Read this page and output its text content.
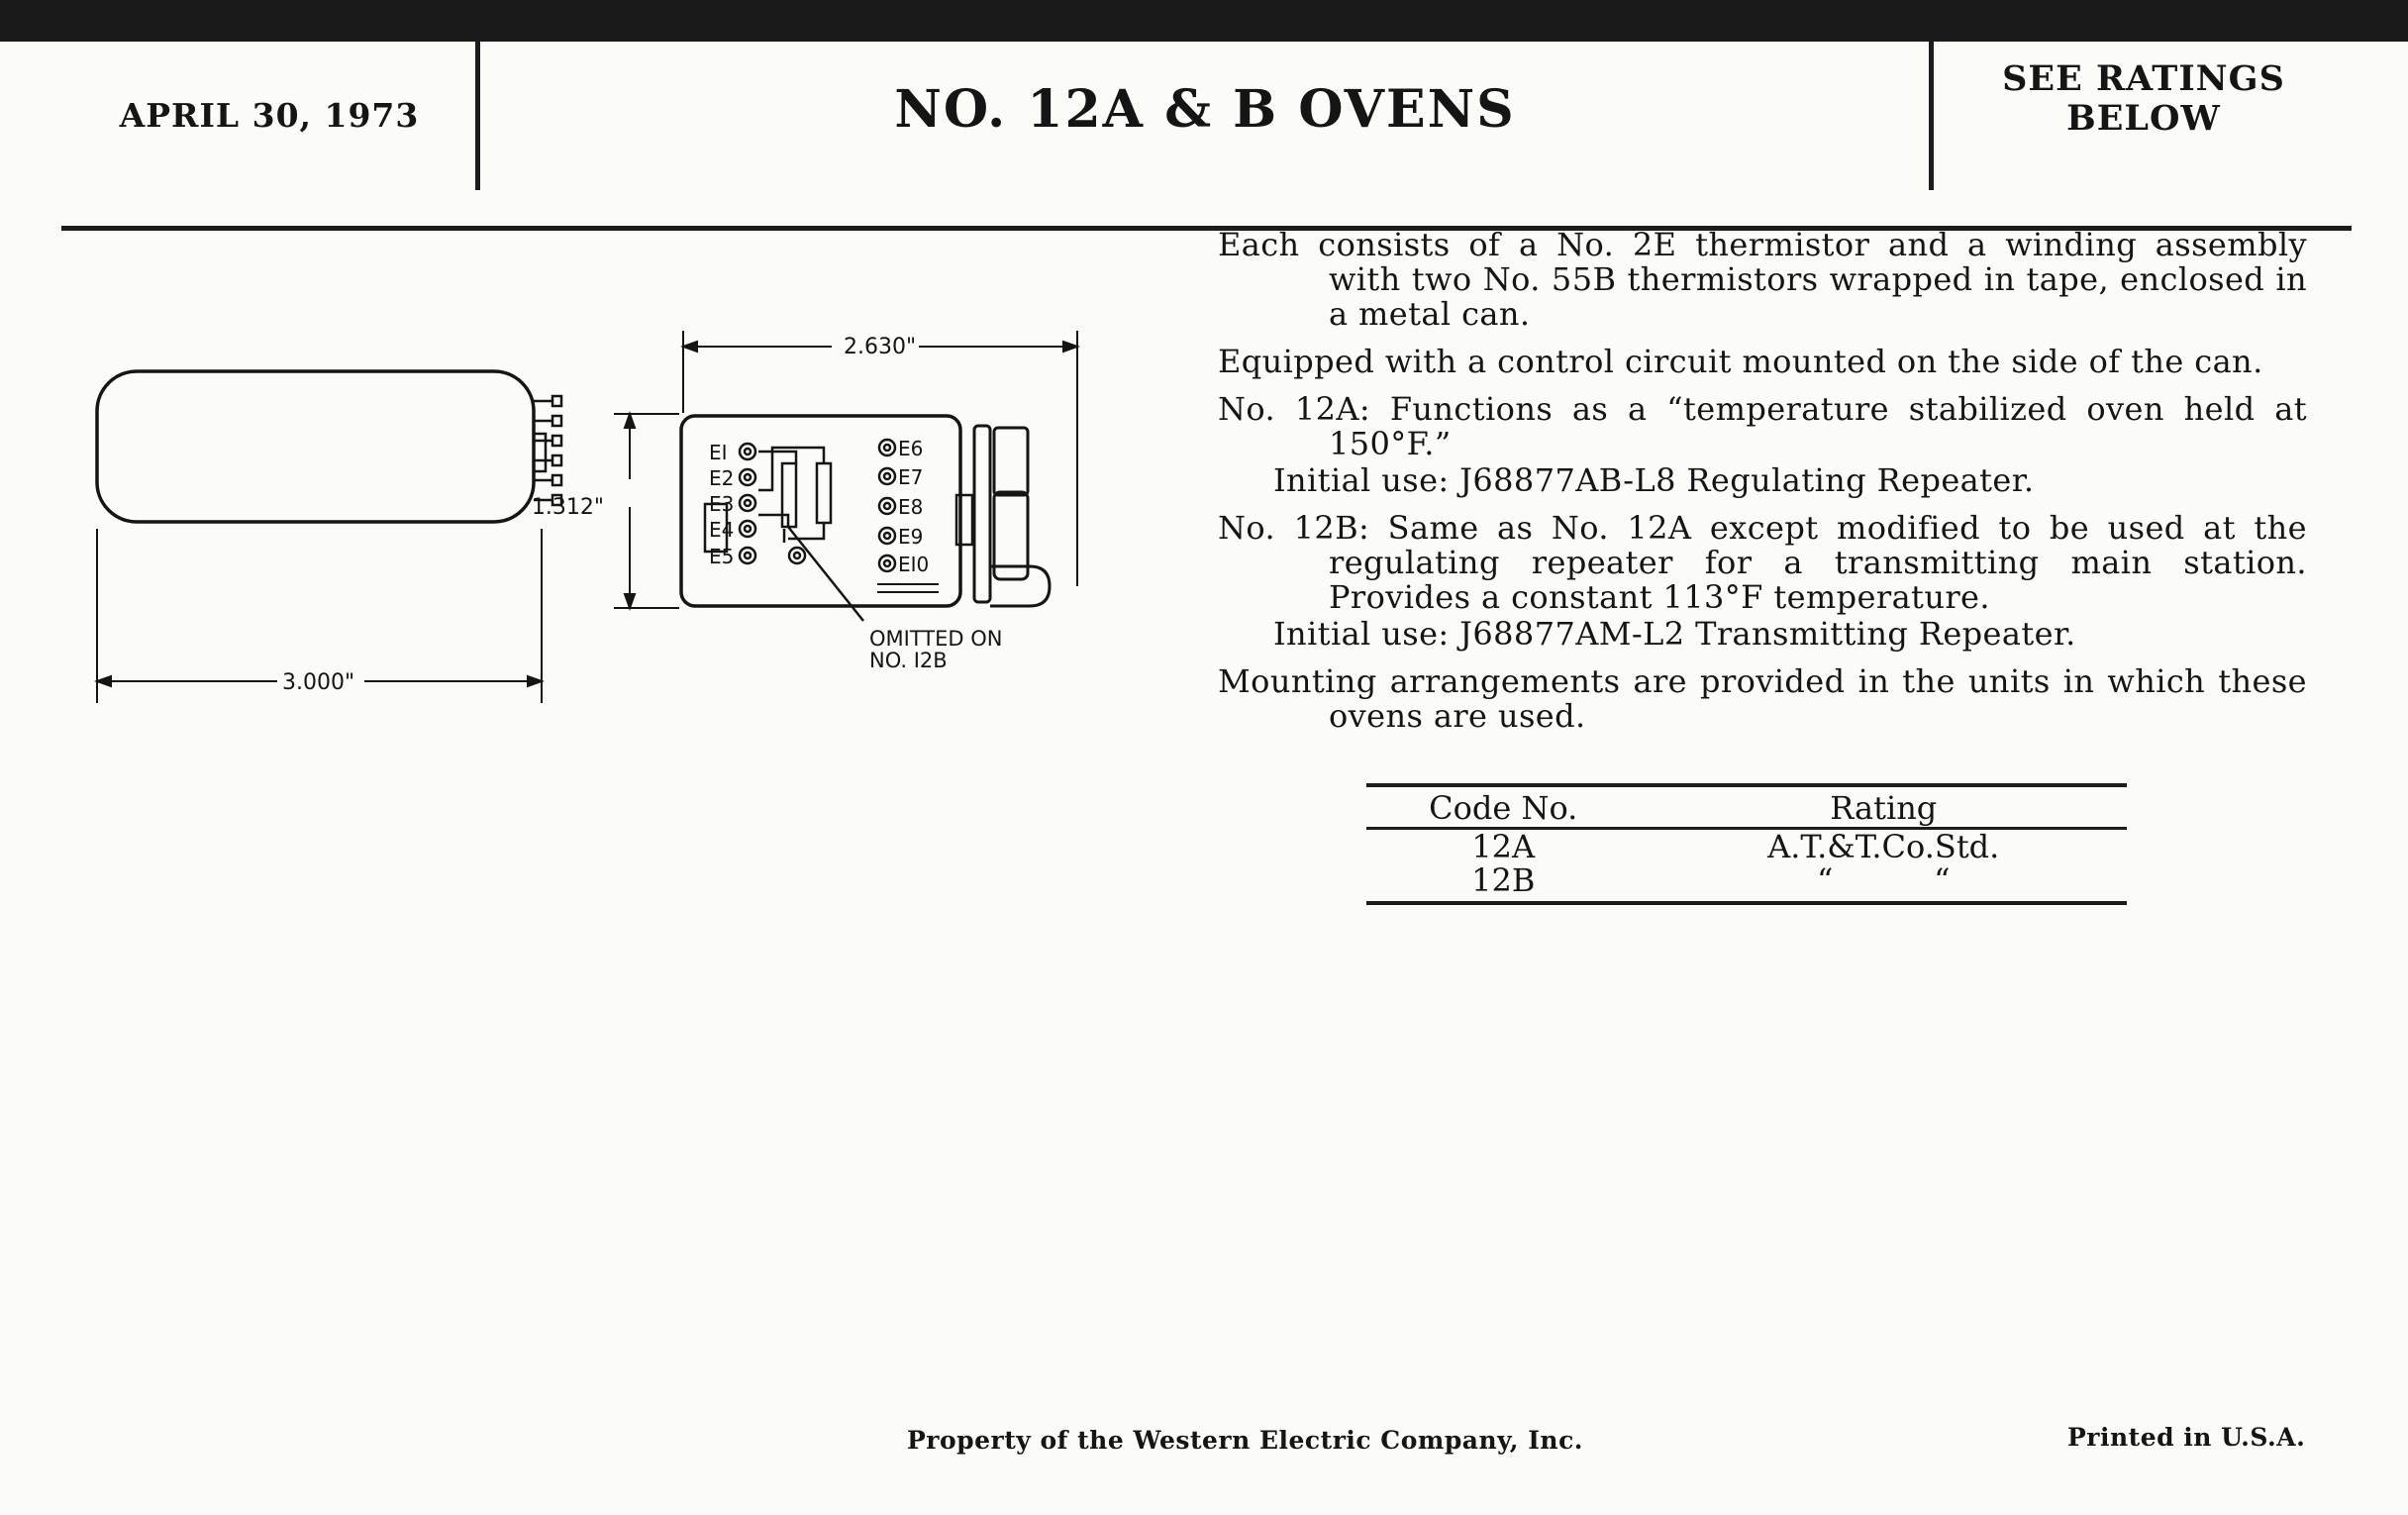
APRIL 30, 1973	NO. 12A & B OVENS
SEE RATINGS
BELOW
3.000"
2.630"
1.312"
EI
E2
E3
E4
E5
E6
E7
E8
E9
EI0
OMITTED ON
NO. I2B

Each consists of a No. 2E thermistor and a winding assembly with two No. 55B thermistors wrapped in tape, enclosed in a metal can.

Equipped with a control circuit mounted on the side of the can.

No. 12A: Functions as a “temperature stabilized oven held at 150°F.”

Initial use: J68877AB-L8 Regulating Repeater.

No. 12B: Same as No. 12A except modified to be used at the regulating repeater for a transmitting main station. Provides a constant 113°F temperature.

Initial use: J68877AM-L2 Transmitting Repeater.

Mounting arrangements are provided in the units in which these ovens are used.

Code No.	Rating
12A	A.T.&T.Co.Std.
12B	“          “
Property of the Western Electric Company, Inc.	Printed in U.S.A.
